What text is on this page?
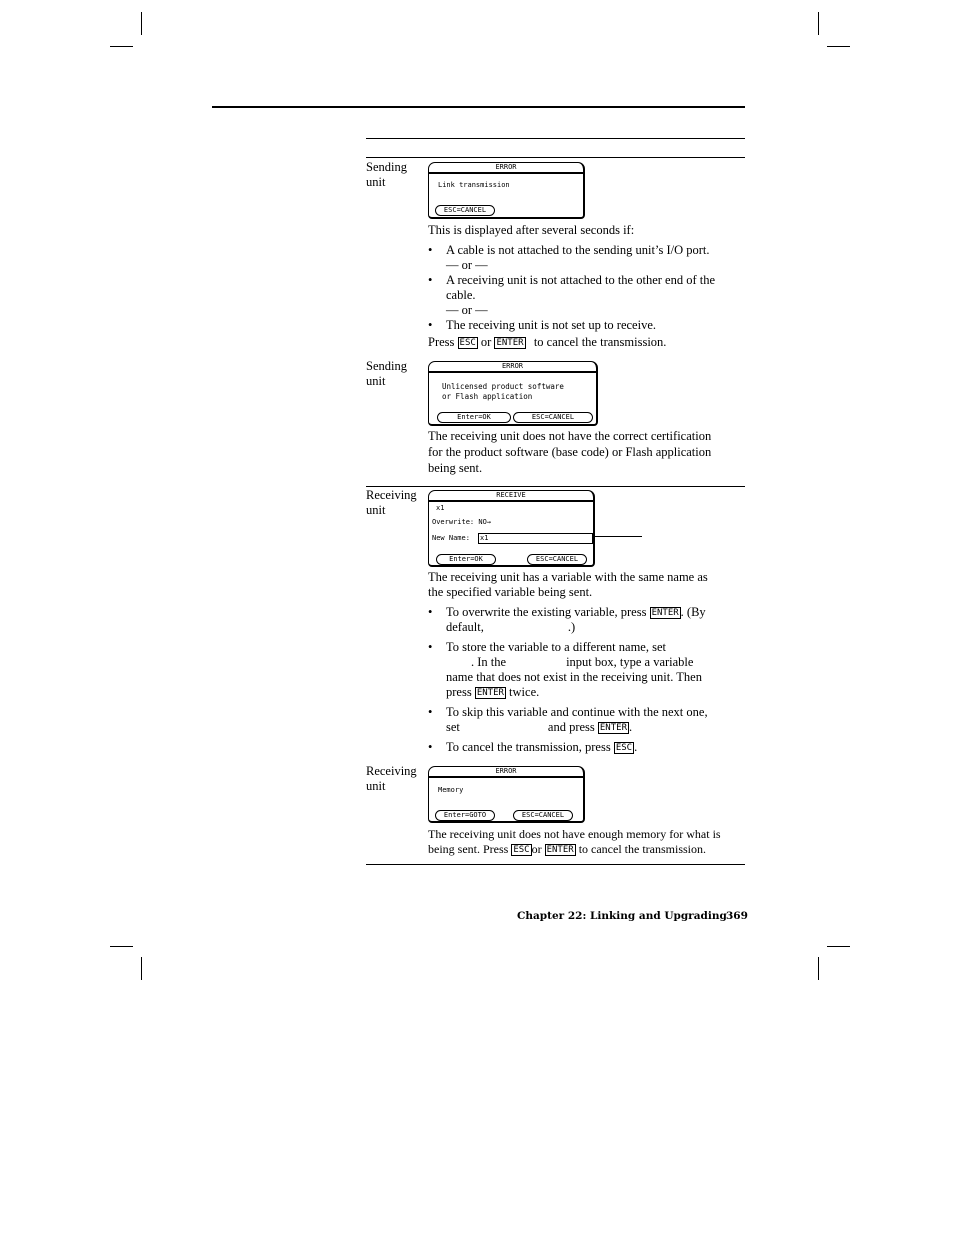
Sending
unit
ERROR
Link transmission
ESC=CANCEL
This is displayed after several seconds if:
• A cable is not attached to the sending unit’s I/O port.
— or —
• A receiving unit is not attached to the other end of the
cable.
— or —
• The receiving unit is not set up to receive.
Press ESC or ENTER to cancel the transmission.
Sending
unit
ERROR
Unlicensed product software
or Flash application
Enter=OK	ESC=CANCEL
The receiving unit does not have the correct certification
for the product software (base code) or Flash application
being sent.
Receiving
unit
RECEIVE
x1
Overwrite: NO→
New Name: x1
Enter=OK	ESC=CANCEL
The receiving unit has a variable with the same name as
the specified variable being sent.
• To overwrite the existing variable, press ENTER . (By
default,	.)
• To store the variable to a different name, set
. In the	input box, type a variable
name that does not exist in the receiving unit. Then
press ENTER twice.
• To skip this variable and continue with the next one,
set	and press ENTER .
• To cancel the transmission, press ESC .
Receiving
unit
ERROR
Memory
Enter=GOTO	ESC=CANCEL
The receiving unit does not have enough memory for what is
being sent. Press ESC or ENTER to cancel the transmission.
Chapter 22: Linking and Upgrading 369
